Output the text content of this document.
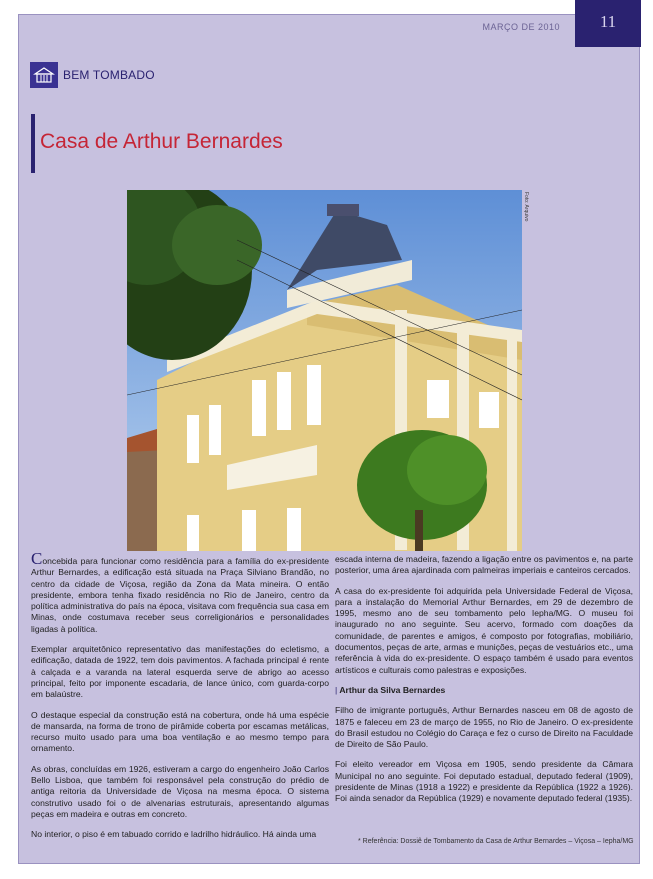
MARÇO DE 2010 11
BEM TOMBADO
Casa de Arthur Bernardes
Foto: Arquivo

Concebida para funcionar como residência para a família do ex-presidente Arthur Bernardes, a edificação está situada na Praça Silviano Brandão, no centro da cidade de Viçosa, região da Zona da Mata mineira. O então presidente, embora tenha fixado residência no Rio de Janeiro, centro da política administrativa do país na época, visitava com frequência sua casa em Minas, onde costumava receber seus correligionários e personalidades ligadas à política.

Exemplar arquitetônico representativo das manifestações do ecletismo, a edificação, datada de 1922, tem dois pavimentos. A fachada principal é rente à calçada e a varanda na lateral esquerda serve de abrigo ao acesso principal, feito por imponente escadaria, de lance único, com guarda-corpo em balaústre.

O destaque especial da construção está na cobertura, onde há uma espécie de mansarda, na forma de trono de pirâmide coberta por escamas metálicas, recurso muito usado para uma boa ventilação e ao mesmo tempo para ornamento.

As obras, concluídas em 1926, estiveram a cargo do engenheiro João Carlos Bello Lisboa, que também foi responsável pela construção do prédio de antiga reitoria da Universidade de Viçosa na mesma época. O sistema construtivo usado foi o de alvenarias estruturais, apresentando algumas peças em madeira e outras em concreto.

No interior, o piso é em tabuado corrido e ladrilho hidráulico. Há ainda uma

escada interna de madeira, fazendo a ligação entre os pavimentos e, na parte posterior, uma área ajardinada com palmeiras imperiais e canteiros cercados.

A casa do ex-presidente foi adquirida pela Universidade Federal de Viçosa, para a instalação do Memorial Arthur Bernardes, em 29 de dezembro de 1995, mesmo ano de seu tombamento pelo Iepha/MG. O museu foi inaugurado no ano seguinte. Seu acervo, formado com doações da comunidade, de parentes e amigos, é composto por fotografias, mobiliário, documentos, peças de arte, armas e munições, peças de vestuários etc., uma referência à vida do ex-presidente. O espaço também é usado para eventos artísticos e culturais como palestras e exposições.

| Arthur da Silva Bernardes

Filho de imigrante português, Arthur Bernardes nasceu em 08 de agosto de 1875 e faleceu em 23 de março de 1955, no Rio de Janeiro. O ex-presidente do Brasil estudou no Colégio do Caraça e fez o curso de Direito na Faculdade de Direito de São Paulo.

Foi eleito vereador em Viçosa em 1905, sendo presidente da Câmara Municipal no ano seguinte. Foi deputado estadual, deputado federal (1909), presidente de Minas (1918 a 1922) e presidente da República (1922 a 1926). Foi ainda senador da República (1929) e novamente deputado federal (1935).

* Referência: Dossiê de Tombamento da Casa de Arthur Bernardes – Viçosa – Iepha/MG
